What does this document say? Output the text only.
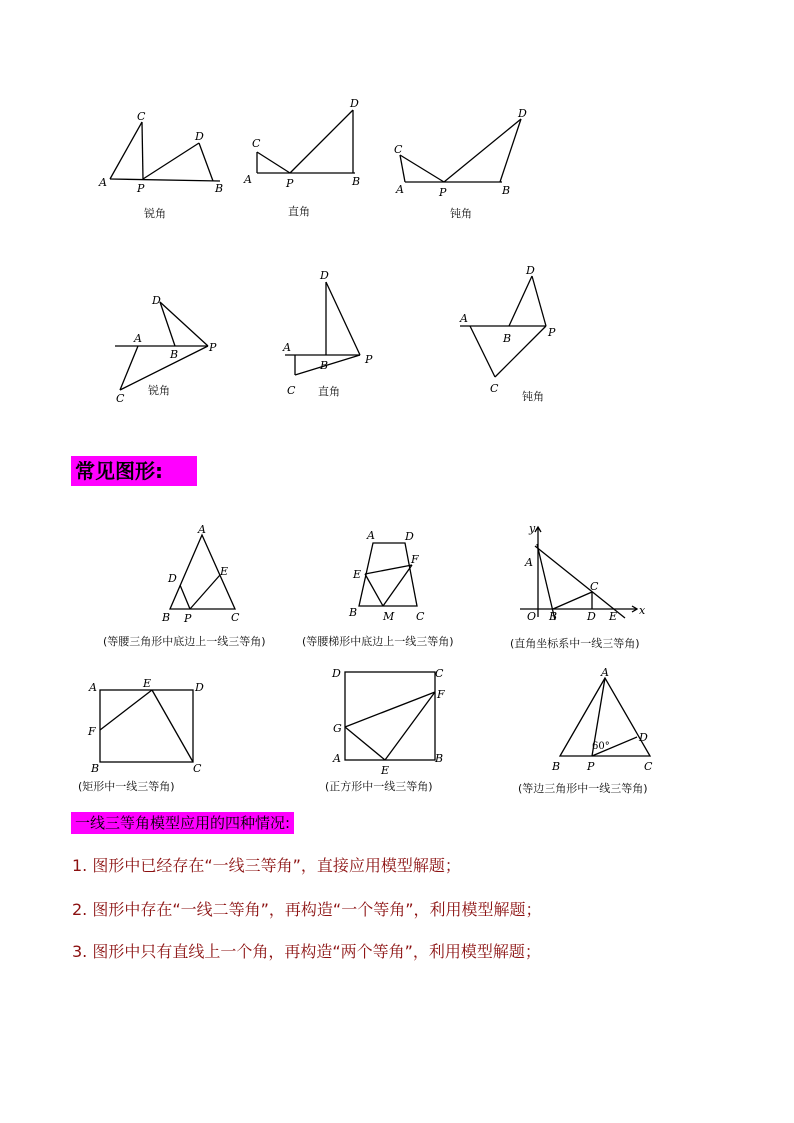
C
D
A	P	B
锐角
C
D
A	P	B
直角
C
D
A	P	B
钝角
D
A
B
P
C
锐角
D
A
B	P
C 直角
D
A
B	P
C
钝角
常见图形:
A
D
E
B P	C
(等腰三角形中底边上一线三等角)
A	D
E
F
B M C
(等腰梯形中底边上一线三等角)
y
A
x
O B
C
D E
(直角坐标系中一线三等角)
A	E	D
F
B	C
(矩形中一线三等角)
D	C
F
G
A
E
B
(正方形中一线三等角)
A
D
B P	C
60°
(等边三角形中一线三等角)
一线三等角模型应用的四种情况:
1. 图形中已经存在“一线三等角”，直接应用模型解题；
2. 图形中存在“一线二等角”，再构造“一个等角”，利用模型解题；
3. 图形中只有直线上一个角，再构造“两个等角”，利用模型解题；
